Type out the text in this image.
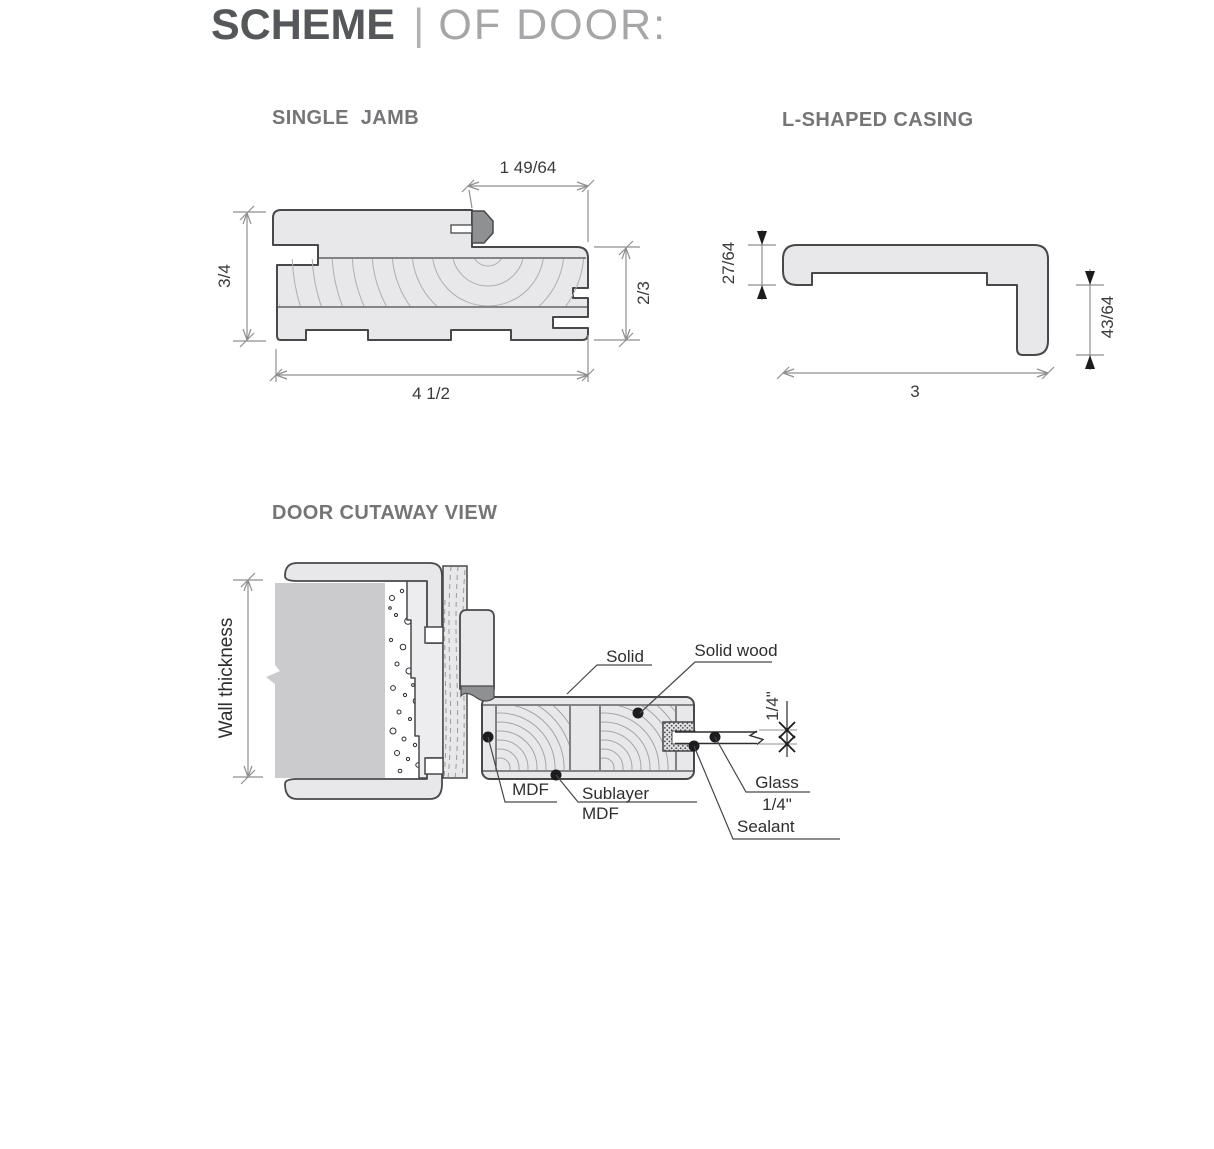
SCHEME | OF DOOR:
SINGLE  JAMB	L-SHAPED CASING
DOOR CUTAWAY VIEW
1 49/64
3/4
2/3
4 1/2
27/64
43/64
3
Wall thickness	1/4"
Solid	Solid wood
MDF	Sublayer
MDF
Glass
1/4"
Sealant
